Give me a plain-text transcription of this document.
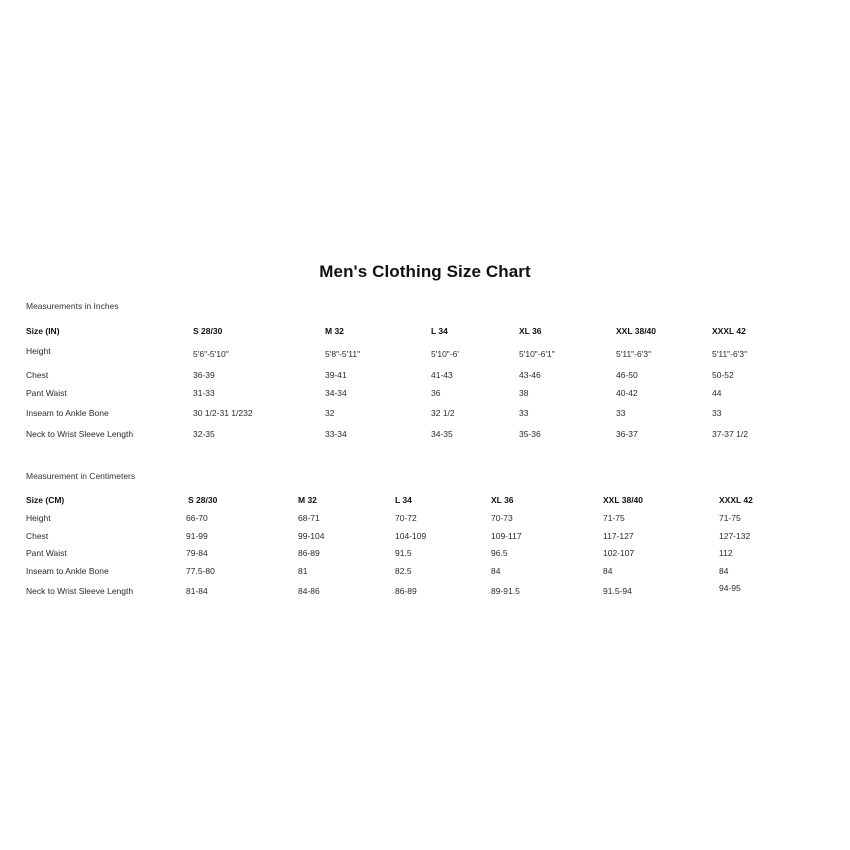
Men's Clothing Size Chart
Measurements in Inches
Size (IN)	S 28/30	M 32	L 34	XL 36	XXL 38/40	XXXL 42
Height	5'6"-5'10"	5'8"-5'11"	5'10"-6'	5'10"-6'1"	5'11"-6'3"	5'11"-6'3"
Chest	36-39	39-41	41-43	43-46	46-50	50-52
Pant Waist	31-33	34-34	36	38	40-42	44
Inseam to Ankle Bone	30 1/2-31 1/232	32	32 1/2	33	33	33
Neck to Wrist Sleeve Length	32-35	33-34	34-35	35-36	36-37	37-37 1/2
Measurement in Centimeters
Size (CM)	S 28/30	M 32	L 34	XL 36	XXL 38/40	XXXL 42
Height	66-70	68-71	70-72	70-73	71-75	71-75
Chest	91-99	99-104	104-109	109-117	117-127	127-132
Pant Waist	79-84	86-89	91.5	96.5	102-107	112
Inseam to Ankle Bone	77.5-80	81	82.5	84	84	84
Neck to Wrist Sleeve Length	81-84	84-86	86-89	89-91.5	91.5-94	94-95
